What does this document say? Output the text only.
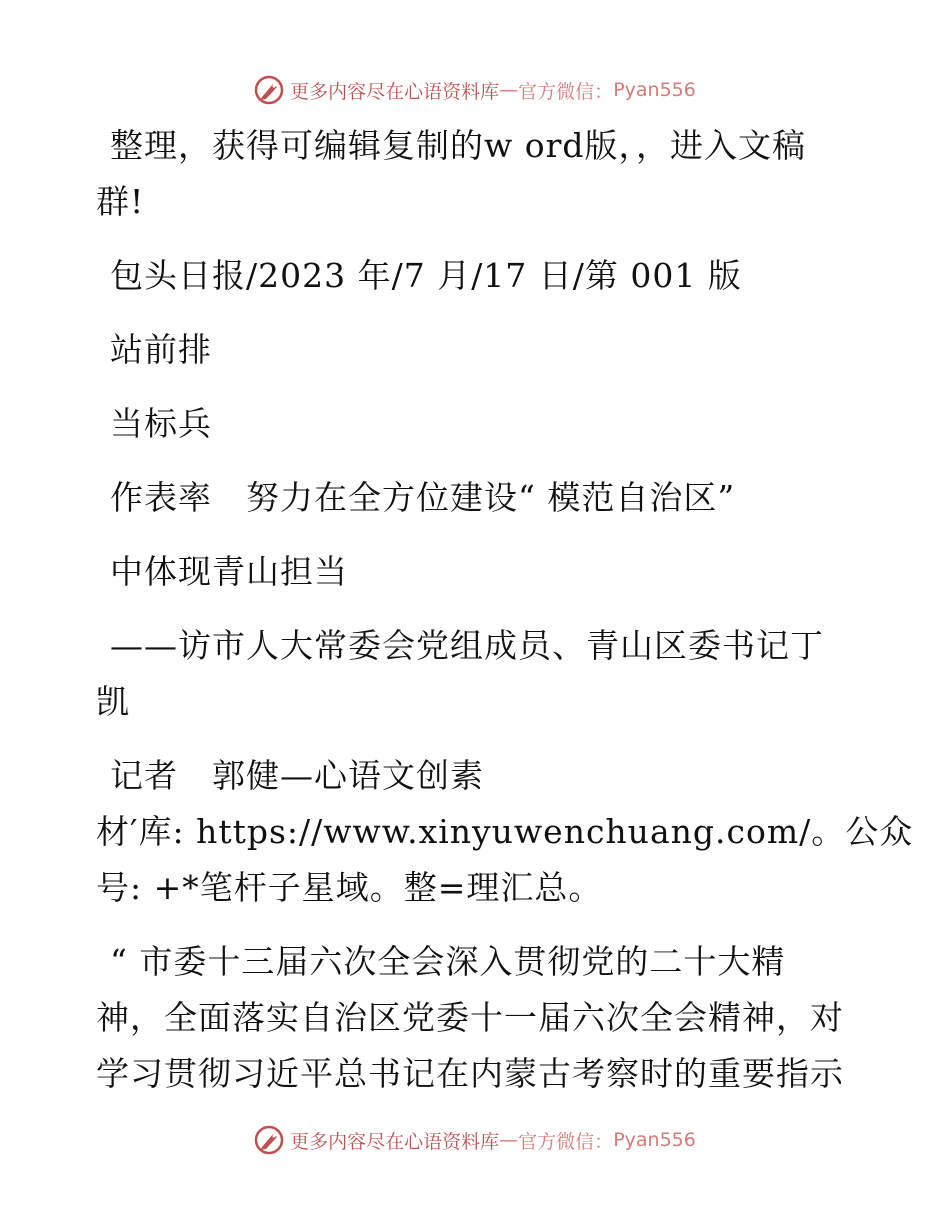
更多内容尽在心语资料库 — 官方微信： Pyan556
整理，获得可编辑复制的w ord版，，进入文稿
群!
包头日报/2023 年/7 月/17 日/第 001 版
站前排
当标兵
作表率　努力在全方位建设“ 模范自治区”
中体现青山担当
——访市人大常委会党组成员、青山区委书记丁
凯
记者　郭健—心语文创素
材′库: https://www.xinyuwenchuang.com/。公众
号: +*笔杆子星域。整=理汇总。
“ 市委十三届六次全会深入贯彻党的二十大精
神，全面落实自治区党委十一届六次全会精神，对
学习贯彻习近平总书记在内蒙古考察时的重要指示
更多内容尽在心语资料库 — 官方微信： Pyan556
